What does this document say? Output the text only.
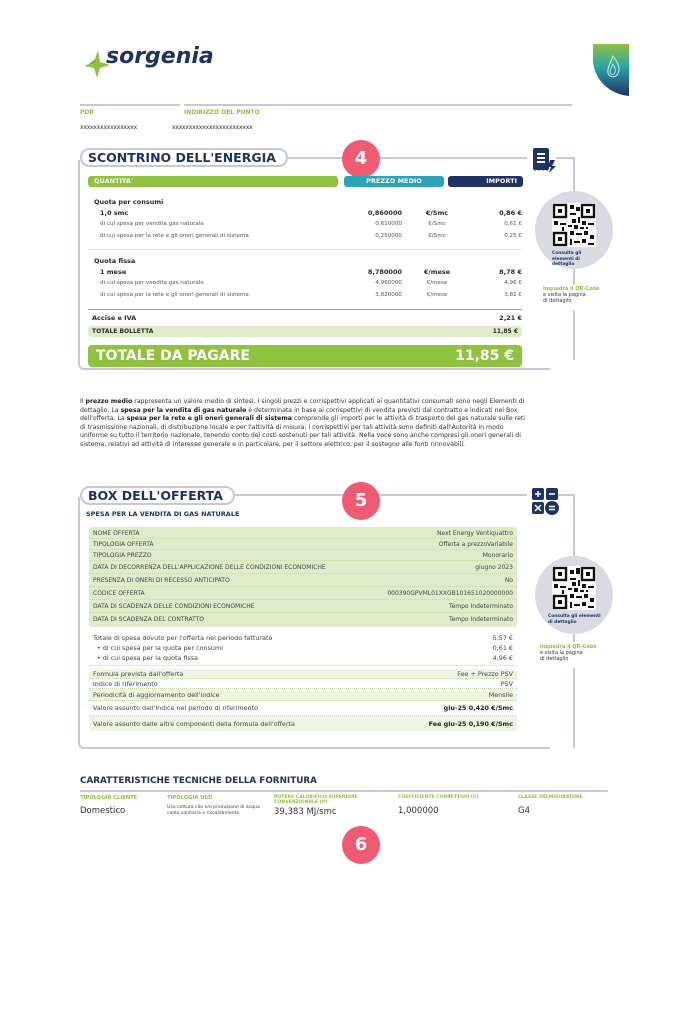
sorgenia
PDR
xxxxxxxxxxxxxxxxx
INDIRIZZO DEL PUNTO
xxxxxxxxxxxxxxxxxxxxxxxx
SCONTRINO DELL'ENERGIA	4
QUANTITA'	PREZZO MEDIO	IMPORTI
Quota per consumi
1,0 smc	0,860000	€/Smc	0,86 €
di cui spesa per vendita gas naturale	0,610000	€/Smc	0,61 €
di cui spesa per la rete e gli oneri generali di sistema	0,250000	€/Smc	0,25 €
Quota fissa
1 mese	8,780000	€/mese	8,78 €
di cui spesa per vendita gas naturale	4,960000	€/mese	4,96 €
di cui spesa per la rete e gli oneri generali di sistema	3,820000	€/mese	3,82 €
Accise e IVA	2,21 €
TOTALE BOLLETTA	11,85 €
TOTALE DA PAGARE	11,85 €
Consulta gli elementi di dettaglio
Inquadra il QR-Code
e visita la pagina
di dettaglio
Il prezzo medio rappresenta un valore medio di sintesi. I singoli prezzi e corrispettivi applicati ai quantitativi consumati sono negli Elementi di dettaglio. La spesa per la vendita di gas naturale è determinata in base ai corrispettivi di vendita previsti dal contratto e indicati nel Box dell'offerta. La spesa per la rete e gli oneri generali di sistema comprende gli importi per le attività di trasporto del gas naturale sulle reti di trasmissione nazionali, di distribuzione locale e per l'attività di misura; i corrispettivi per tali attività sono definiti dall'Autorità in modo uniforme su tutto il territorio nazionale, tenendo conto dei costi sostenuti per tali attività. Nella voce sono anche compresi gli oneri generali di sistema, relativi ad attività di interesse generale e in particolare, per il settore elettrico, per il sostegno alle fonti rinnovabili.
BOX DELL'OFFERTA	5
SPESA PER LA VENDITA DI GAS NATURALE
NOME OFFERTA	Next Energy Ventiquattro
TIPOLOGIA OFFERTA	Offerta a prezzoVariabile
TIPOLOGIA PREZZO	Monorario
DATA DI DECORRENZA DELL'APPLICAZIONE DELLE CONDIZIONI ECONOMICHE	giugno 2023
PRESENZA DI ONERI DI RECESSO ANTICIPATO	No
CODICE OFFERTA	000390GPVML01XXGB101651020000000
DATA DI SCADENZA DELLE CONDIZIONI ECONOMICHE	Tempo Indeterminato
DATA DI SCADENZA DEL CONTRATTO	Tempo Indeterminato
Totale di spesa dovuto per l'offerta nel periodo fatturato	5,57 €
• di cui spesa per la quota per consumi	0,61 €
• di cui spesa per la quota fissa	4,96 €
Formula prevista dall'offerta	Fee + Prezzo PSV
Indice di riferimento	PSV
Periodicità di aggiornamento dell'indice	Mensile
Valore assunto dall'indice nel periodo di riferimento	giu-25 0,420 €/Smc
Valore assunto dalle altre componenti della formula dell'offerta	Fee giu-25 0,190 €/Smc
Consulta gli elementi di dettaglio
Inquadra il QR-Code
e visita la pagina
di dettaglio
CARATTERISTICHE TECNICHE DELLA FORNITURA
TIPOLOGIA CLIENTE
Domestico
TIPOLOGIA USO
Uso cottura cibi e/o produzione di acqua calda sanitaria e riscaldamento
POTERE CALORIFICO SUPERIORE CONVENZIONALE (P)
39,383 MJ/smc
COEFFICIENTE CORRETTIVO (C)
1,000000
CLASSE DELMISURATORE
G4
6
